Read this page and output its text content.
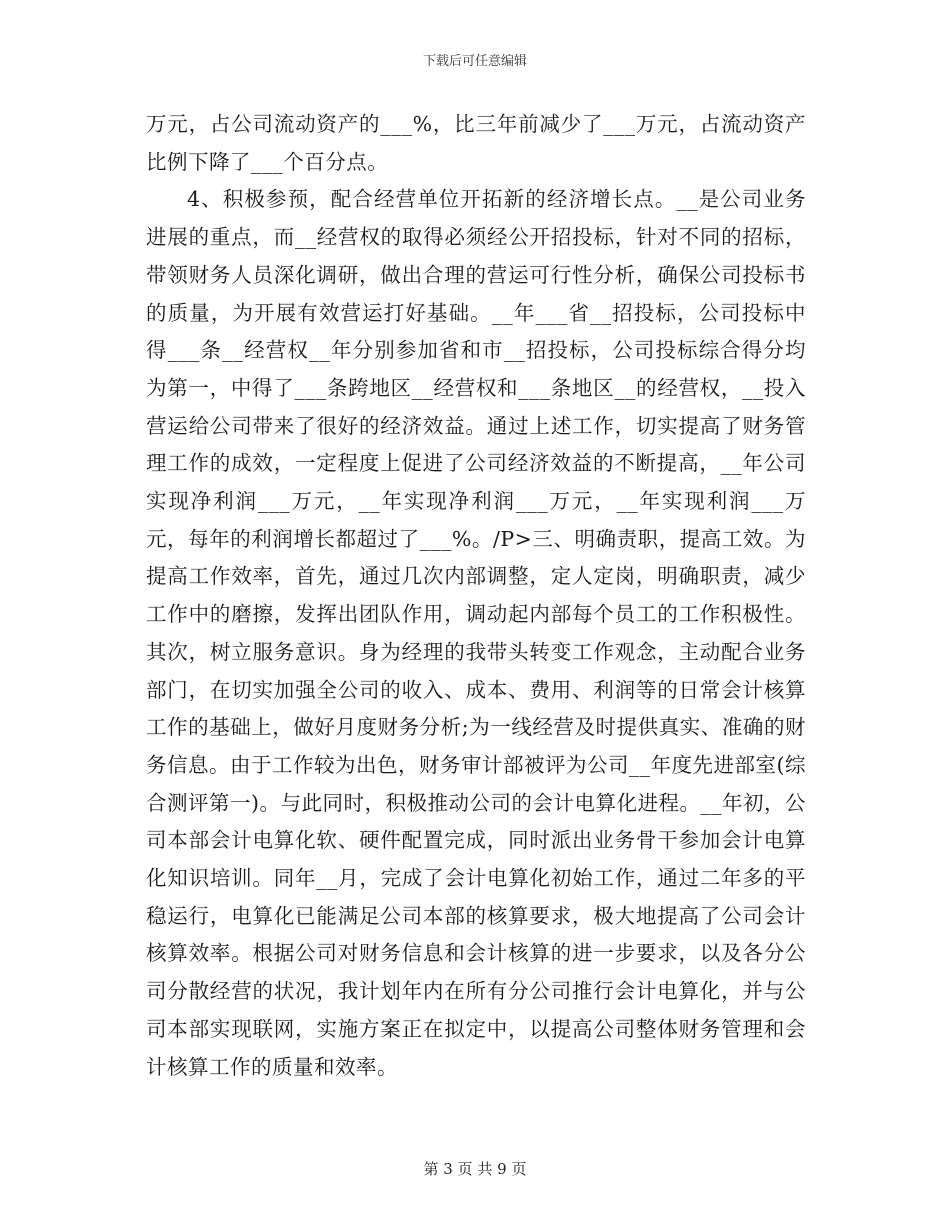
下载后可任意编辑

万元，占公司流动资产的___%，比三年前减少了___万元，占流动资产比例下降了___个百分点。

4、积极参预，配合经营单位开拓新的经济增长点。__是公司业务进展的重点，而__经营权的取得必须经公开招投标，针对不同的招标，带领财务人员深化调研，做出合理的营运可行性分析，确保公司投标书的质量，为开展有效营运打好基础。__年___省__招投标，公司投标中得___条__经营权__年分别参加省和市__招投标，公司投标综合得分均为第一，中得了___条跨地区__经营权和___条地区__的经营权，__投入营运给公司带来了很好的经济效益。通过上述工作，切实提高了财务管理工作的成效，一定程度上促进了公司经济效益的不断提高，__年公司实现净利润___万元，__年实现净利润___万元，__年实现利润___万元，每年的利润增长都超过了___%。/P>三、明确责职，提高工效。为提高工作效率，首先，通过几次内部调整，定人定岗，明确职责，减少工作中的磨擦，发挥出团队作用，调动起内部每个员工的工作积极性。其次，树立服务意识。身为经理的我带头转变工作观念，主动配合业务部门，在切实加强全公司的收入、成本、费用、利润等的日常会计核算工作的基础上，做好月度财务分析;为一线经营及时提供真实、准确的财务信息。由于工作较为出色，财务审计部被评为公司__年度先进部室(综合测评第一)。与此同时，积极推动公司的会计电算化进程。__年初，公司本部会计电算化软、硬件配置完成，同时派出业务骨干参加会计电算化知识培训。同年__月，完成了会计电算化初始工作，通过二年多的平稳运行，电算化已能满足公司本部的核算要求，极大地提高了公司会计核算效率。根据公司对财务信息和会计核算的进一步要求，以及各分公司分散经营的状况，我计划年内在所有分公司推行会计电算化，并与公司本部实现联网，实施方案正在拟定中，以提高公司整体财务管理和会计核算工作的质量和效率。

第 3 页 共 9 页
